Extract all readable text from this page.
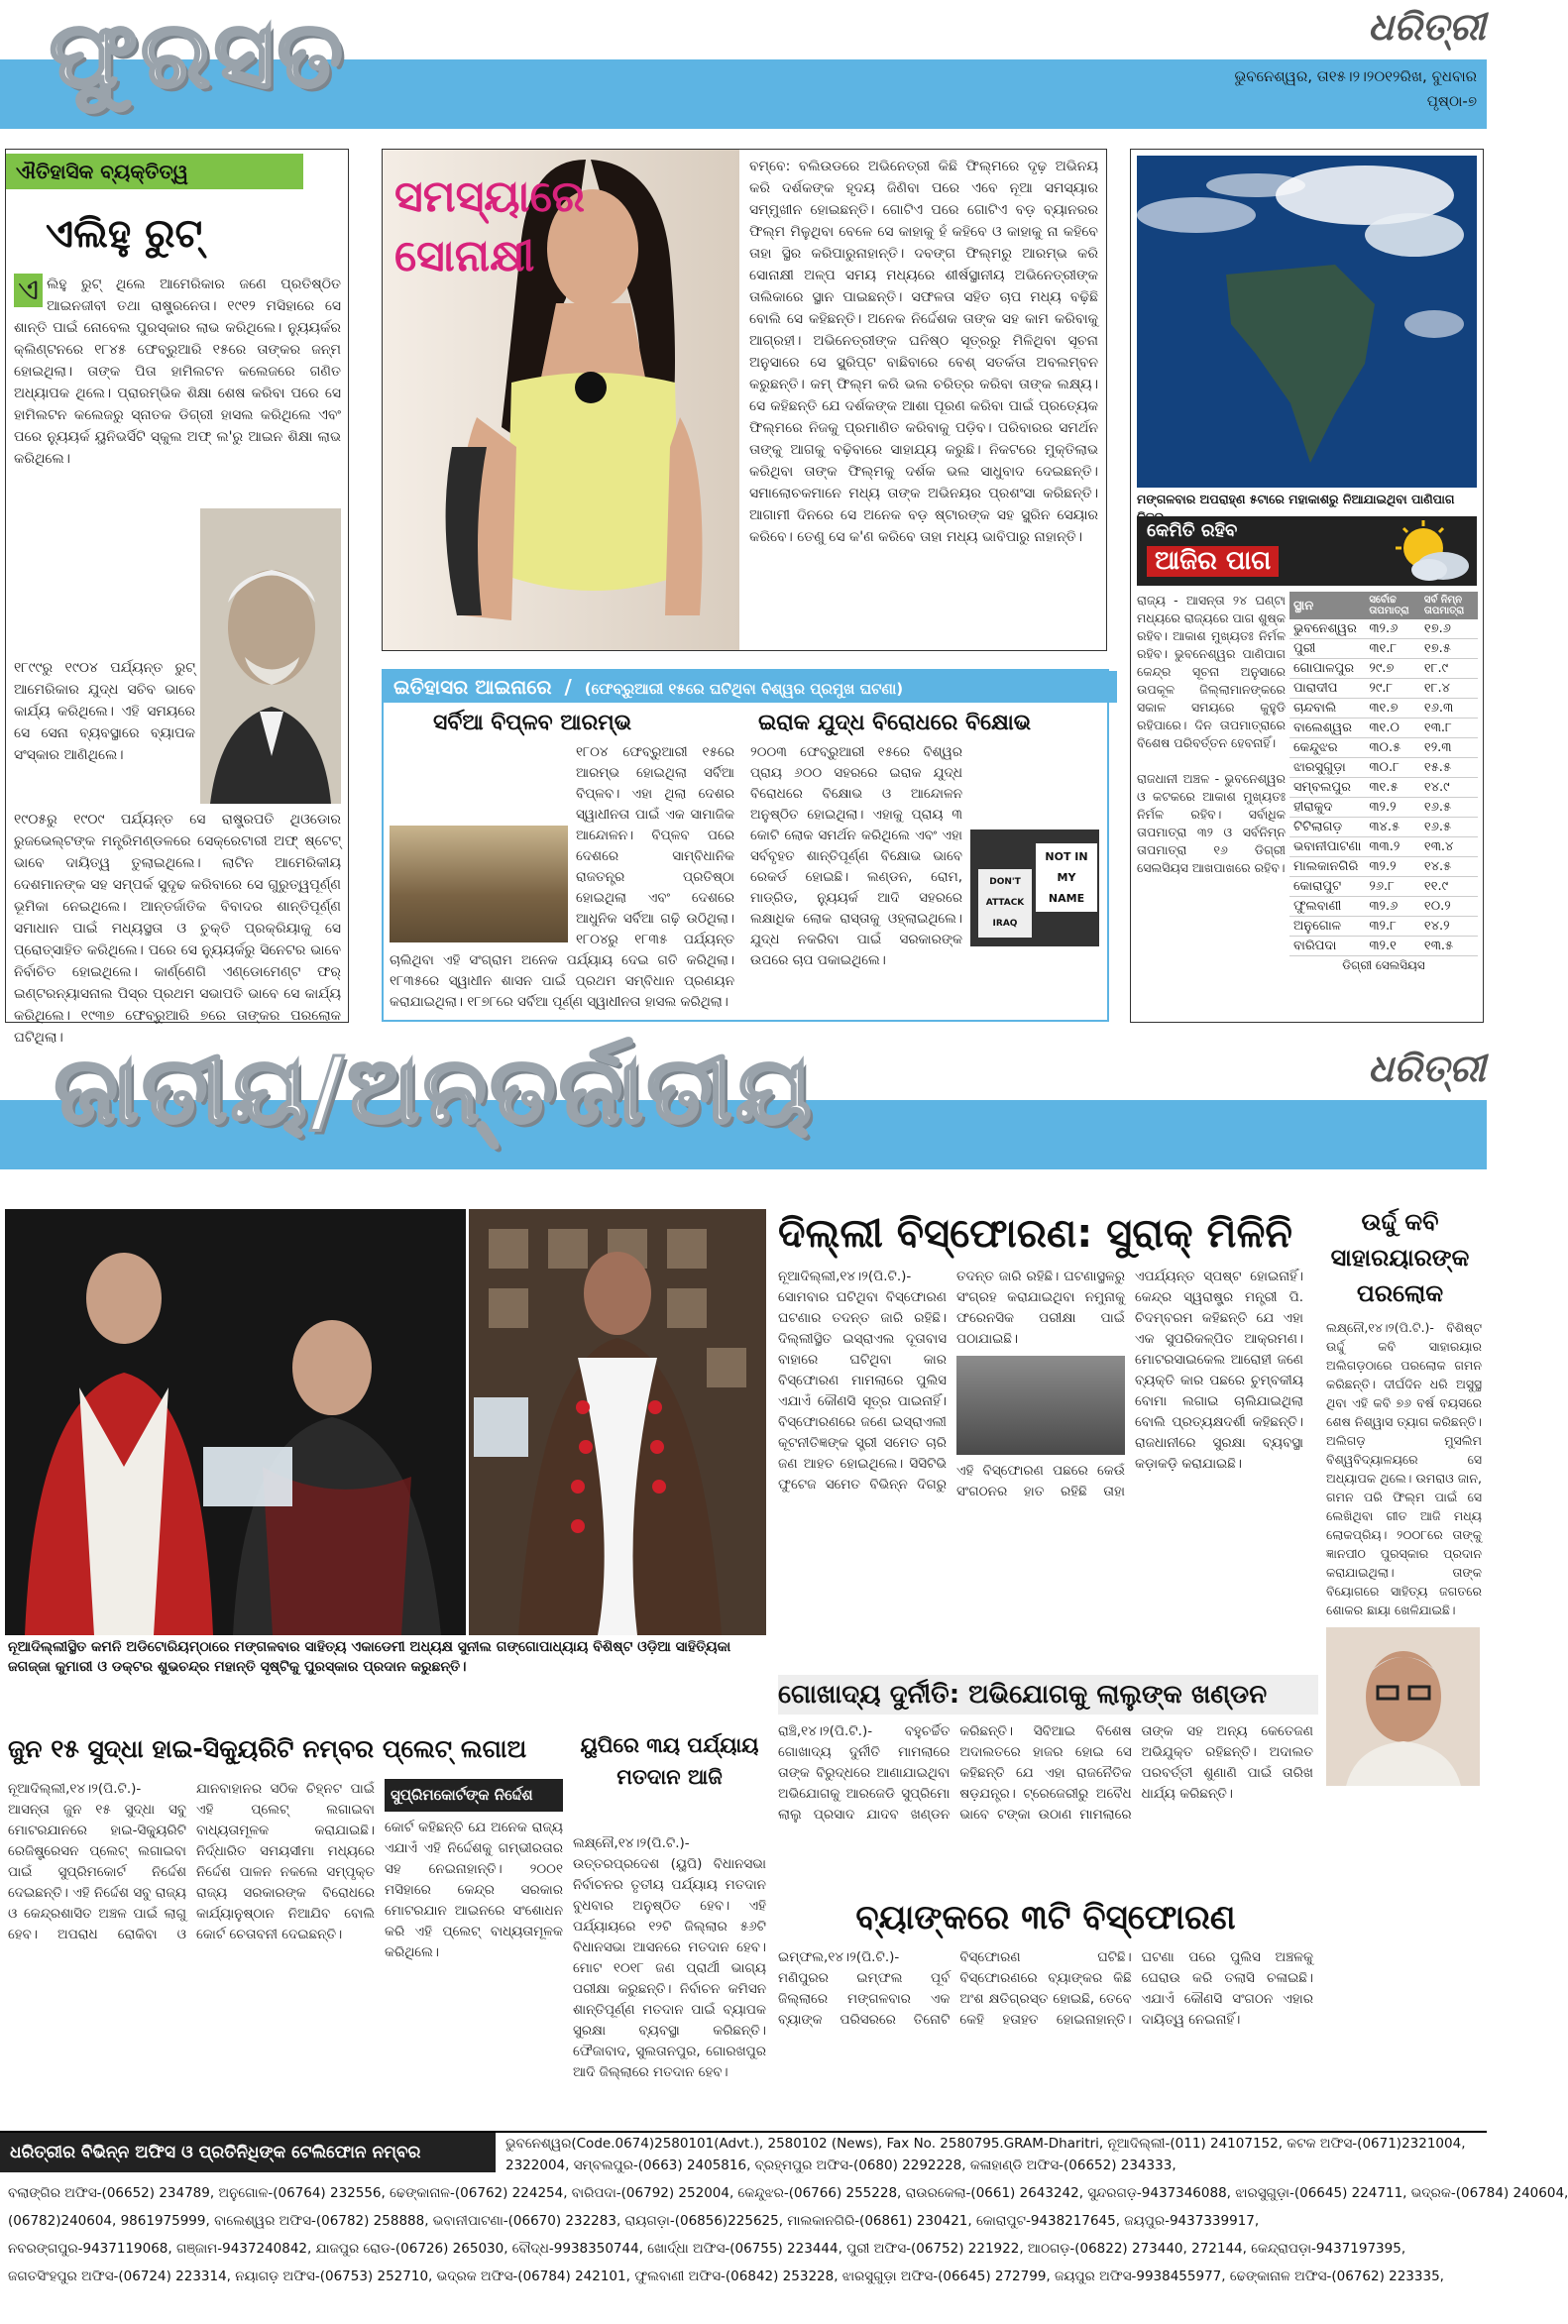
ଫୁରସତ	ଧରିତ୍ରୀ
ଭୁବନେଶ୍ୱର, ତା୧୫।୨।୨୦୧୨ରିଖ, ବୁଧବାର
ପୃଷ୍ଠା-୭
ଐତିହାସିକ ବ୍ୟକ୍ତିତ୍ୱ
ଏଲିହୁ ରୁଟ୍
ଏ ଲିହୁ ରୁଟ୍ ଥିଲେ ଆମେରିକାର ଜଣେ ପ୍ରତିଷ୍ଠିତ ଆଇନଜୀବୀ ତଥା ରାଷ୍ଟ୍ରନେତା। ୧୯୧୨ ମସିହାରେ ସେ ଶାନ୍ତି ପାଇଁ ନୋବେଲ ପୁରସ୍କାର ଲାଭ କରିଥିଲେ। ନ୍ୟୁୟର୍କର କ୍ଲିଣ୍ଟନରେ ୧୮୪୫ ଫେବ୍ରୁଆରି ୧୫ରେ ତାଙ୍କର ଜନ୍ମ ହୋଇଥିଲା। ତାଙ୍କ ପିତା ହାମିଲଟନ କଲେଜରେ ଗଣିତ ଅଧ୍ୟାପକ ଥିଲେ। ପ୍ରାରମ୍ଭିକ ଶିକ୍ଷା ଶେଷ କରିବା ପରେ ସେ ହାମିଲଟନ କଲେଜରୁ ସ୍ନାତକ ଡିଗ୍ରୀ ହାସଲ କରିଥିଲେ ଏବଂ ପରେ ନ୍ୟୁୟର୍କ ୟୁନିଭର୍ସିଟି ସ୍କୁଲ ଅଫ୍ ଲ'ରୁ ଆଇନ ଶିକ୍ଷା ଲାଭ କରିଥିଲେ।
୧୮୯୯ରୁ ୧୯୦୪ ପର୍ଯ୍ୟନ୍ତ ରୁଟ୍ ଆମେରିକାର ଯୁଦ୍ଧ ସଚିବ ଭାବେ କାର୍ଯ୍ୟ କରିଥିଲେ। ଏହି ସମୟରେ ସେ ସେନା ବ୍ୟବସ୍ଥାରେ ବ୍ୟାପକ ସଂସ୍କାର ଆଣିଥିଲେ।
୧୯୦୫ରୁ ୧୯୦୯ ପର୍ଯ୍ୟନ୍ତ ସେ ରାଷ୍ଟ୍ରପତି ଥିଓଡୋର ରୁଜଭେଲ୍ଟଙ୍କ ମନ୍ତ୍ରିମଣ୍ଡଳରେ ସେକ୍ରେଟାରୀ ଅଫ୍ ଷ୍ଟେଟ୍ ଭାବେ ଦାୟିତ୍ୱ ତୁଲାଇଥିଲେ। ଲାଟିନ ଆମେରିକୀୟ ଦେଶମାନଙ୍କ ସହ ସମ୍ପର୍କ ସୁଦୃଢ କରିବାରେ ସେ ଗୁରୁତ୍ୱପୂର୍ଣ୍ଣ ଭୂମିକା ନେଇଥିଲେ। ଆନ୍ତର୍ଜାତିକ ବିବାଦର ଶାନ୍ତିପୂର୍ଣ୍ଣ ସମାଧାନ ପାଇଁ ମଧ୍ୟସ୍ଥତା ଓ ଚୁକ୍ତି ପ୍ରକ୍ରିୟାକୁ ସେ ପ୍ରୋତ୍ସାହିତ କରିଥିଲେ। ପରେ ସେ ନ୍ୟୁୟର୍କରୁ ସିନେଟର ଭାବେ ନିର୍ବାଚିତ ହୋଇଥିଲେ। କାର୍ଣ୍ଣେଗି ଏଣ୍ଡୋମେଣ୍ଟ ଫର୍ ଇଣ୍ଟରନ୍ୟାସନାଲ ପିସ୍‌ର ପ୍ରଥମ ସଭାପତି ଭାବେ ସେ କାର୍ଯ୍ୟ କରିଥିଲେ। ୧୯୩୭ ଫେବ୍ରୁଆରି ୭ରେ ତାଙ୍କର ପରଲୋକ ଘଟିଥିଲା।
ସମସ୍ୟାରେ
ସୋନାକ୍ଷୀ
ବମ୍ବେ: ବଲିଉଡରେ ଅଭିନେତ୍ରୀ କିଛି ଫିଲ୍ମରେ ଦୃଢ଼ ଅଭିନୟ କରି ଦର୍ଶକଙ୍କ ହୃଦୟ ଜିଣିବା ପରେ ଏବେ ନୂଆ ସମସ୍ୟାର ସମ୍ମୁଖୀନ ହୋଇଛନ୍ତି। ଗୋଟିଏ ପରେ ଗୋଟିଏ ବଡ଼ ବ୍ୟାନରର ଫିଲ୍ମ ମିଳୁଥିବା ବେଳେ ସେ କାହାକୁ ହଁ କହିବେ ଓ କାହାକୁ ନା କହିବେ ତାହା ସ୍ଥିର କରିପାରୁନାହାନ୍ତି। ଦବଙ୍ଗ ଫିଲ୍ମରୁ ଆରମ୍ଭ କରି ସୋନାକ୍ଷୀ ଅଳ୍ପ ସମୟ ମଧ୍ୟରେ ଶୀର୍ଷସ୍ଥାନୀୟ ଅଭିନେତ୍ରୀଙ୍କ ତାଲିକାରେ ସ୍ଥାନ ପାଇଛନ୍ତି। ସଫଳତା ସହିତ ଚାପ ମଧ୍ୟ ବଢ଼ିଛି ବୋଲି ସେ କହିଛନ୍ତି। ଅନେକ ନିର୍ଦ୍ଦେଶକ ତାଙ୍କ ସହ କାମ କରିବାକୁ ଆଗ୍ରହୀ। ଅଭିନେତ୍ରୀଙ୍କ ଘନିଷ୍ଠ ସୂତ୍ରରୁ ମିଳିଥିବା ସୂଚନା ଅନୁସାରେ ସେ ସ୍କ୍ରିପ୍ଟ ବାଛିବାରେ ବେଶ୍ ସତର୍କତା ଅବଲମ୍ବନ କରୁଛନ୍ତି। କମ୍ ଫିଲ୍ମ କରି ଭଲ ଚରିତ୍ର କରିବା ତାଙ୍କ ଲକ୍ଷ୍ୟ। ସେ କହିଛନ୍ତି ଯେ ଦର୍ଶକଙ୍କ ଆଶା ପୂରଣ କରିବା ପାଇଁ ପ୍ରତ୍ୟେକ ଫିଲ୍ମରେ ନିଜକୁ ପ୍ରମାଣିତ କରିବାକୁ ପଡ଼ିବ। ପରିବାରର ସମର୍ଥନ ତାଙ୍କୁ ଆଗକୁ ବଢ଼ିବାରେ ସାହାଯ୍ୟ କରୁଛି। ନିକଟରେ ମୁକ୍ତିଲାଭ କରିଥିବା ତାଙ୍କ ଫିଲ୍ମକୁ ଦର୍ଶକ ଭଲ ସାଧୁବାଦ ଦେଇଛନ୍ତି। ସମାଲୋଚକମାନେ ମଧ୍ୟ ତାଙ୍କ ଅଭିନୟର ପ୍ରଶଂସା କରିଛନ୍ତି। ଆଗାମୀ ଦିନରେ ସେ ଅନେକ ବଡ଼ ଷ୍ଟାରଙ୍କ ସହ ସ୍କ୍ରିନ ସେୟାର କରିବେ। ତେଣୁ ସେ କ'ଣ କରିବେ ତାହା ମଧ୍ୟ ଭାବିପାରୁ ନାହାନ୍ତି।
ଇତିହାସର ଆଇନାରେ / (ଫେବ୍ରୁଆରୀ ୧୫ରେ ଘଟିଥିବା ବିଶ୍ୱର ପ୍ରମୁଖ ଘଟଣା)
ସର୍ବିଆ ବିପ୍ଳବ ଆରମ୍ଭ
୧୮୦୪ ଫେବ୍ରୁଆରୀ ୧୫ରେ ଆରମ୍ଭ ହୋଇଥିଲା ସର୍ବିଆ ବିପ୍ଳବ। ଏହା ଥିଲା ଦେଶର ସ୍ୱାଧୀନତା ପାଇଁ ଏକ ସାମାଜିକ ଆନ୍ଦୋଳନ। ବିପ୍ଳବ ପରେ ଦେଶରେ ସାମ୍ବିଧାନିକ ରାଜତନ୍ତ୍ର ପ୍ରତିଷ୍ଠା ହୋଇଥିଲା ଏବଂ ଦେଶରେ ଆଧୁନିକ ସର୍ବିଆ ଗଢ଼ି ଉଠିଥିଲା। ୧୮୦୪ରୁ ୧୮୩୫ ପର୍ଯ୍ୟନ୍ତ ଚାଲିଥିବା ଏହି ସଂଗ୍ରାମ ଅନେକ ପର୍ଯ୍ୟାୟ ଦେଇ ଗତି କରିଥିଲା। ୧୮୩୫ରେ ସ୍ୱାଧୀନ ଶାସନ ପାଇଁ ପ୍ରଥମ ସମ୍ବିଧାନ ପ୍ରଣୟନ କରାଯାଇଥିଲା। ୧୮୭୮ରେ ସର୍ବିଆ ପୂର୍ଣ୍ଣ ସ୍ୱାଧୀନତା ହାସଲ କରିଥିଲା।
ଇରାକ ଯୁଦ୍ଧ ବିରୋଧରେ ବିକ୍ଷୋଭ
DON'T ATTACK IRAQ
NOT IN MY NAME
୨୦୦୩ ଫେବ୍ରୁଆରୀ ୧୫ରେ ବିଶ୍ୱର ପ୍ରାୟ ୬୦୦ ସହରରେ ଇରାକ ଯୁଦ୍ଧ ବିରୋଧରେ ବିକ୍ଷୋଭ ଓ ଆନ୍ଦୋଳନ ଅନୁଷ୍ଠିତ ହୋଇଥିଲା। ଏହାକୁ ପ୍ରାୟ ୩ କୋଟି ଲୋକ ସମର୍ଥନ କରିଥିଲେ ଏବଂ ଏହା ସର୍ବବୃହତ ଶାନ୍ତିପୂର୍ଣ୍ଣ ବିକ୍ଷୋଭ ଭାବେ ରେକର୍ଡ ହୋଇଛି। ଲଣ୍ଡନ, ରୋମ, ମାଡ୍ରିଡ, ନ୍ୟୁୟର୍କ ଆଦି ସହରରେ ଲକ୍ଷାଧିକ ଲୋକ ରାସ୍ତାକୁ ଓହ୍ଲାଇଥିଲେ। ଯୁଦ୍ଧ ନକରିବା ପାଇଁ ସରକାରଙ୍କ ଉପରେ ଚାପ ପକାଇଥିଲେ।
ମଙ୍ଗଳବାର ଅପରାହ୍ଣ ୫ଟାରେ ମହାକାଶରୁ ନିଆଯାଇଥିବା ପାଣିପାଗ
କେମିତି ରହିବ
ଆଜିର ପାଗ
ରାଜ୍ୟ - ଆସନ୍ତା ୨୪ ଘଣ୍ଟା ମଧ୍ୟରେ ରାଜ୍ୟରେ ପାଗ ଶୁଷ୍କ ରହିବ। ଆକାଶ ମୁଖ୍ୟତଃ ନିର୍ମଳ ରହିବ। ଭୁବନେଶ୍ୱର ପାଣିପାଗ କେନ୍ଦ୍ର ସୂଚନା ଅନୁସାରେ ଉପକୂଳ ଜିଲ୍ଲାମାନଙ୍କରେ ସକାଳ ସମୟରେ କୁହୁଡି ରହିପାରେ। ଦିନ ତାପମାତ୍ରାରେ ବିଶେଷ ପରିବର୍ତ୍ତନ ହେବନାହିଁ।

ରାଜଧାନୀ ଅଞ୍ଚଳ - ଭୁବନେଶ୍ୱର ଓ କଟକରେ ଆକାଶ ମୁଖ୍ୟତଃ ନିର୍ମଳ ରହିବ। ସର୍ବାଧିକ ତାପମାତ୍ରା ୩୨ ଓ ସର୍ବନିମ୍ନ ତାପମାତ୍ରା ୧୬ ଡିଗ୍ରୀ ସେଲସିୟସ ଆଖପାଖରେ ରହିବ।
ସ୍ଥାନ	ସର୍ବୋଚ୍ଚ ତାପମାତ୍ରା	ସର୍ବ ନିମ୍ନ ତାପମାତ୍ରା
ଭୁବନେଶ୍ୱର	୩୨.୬	୧୭.୬
ପୁରୀ	୩୧.୮	୧୭.୫
ଗୋପାଳପୁର	୨୯.୭	୧୮.୯
ପାରାଦୀପ	୨୯.୮	୧୮.୪
ଚାନ୍ଦବାଲି	୩୧.୭	୧୬.୩
ବାଲେଶ୍ୱର	୩୧.୦	୧୩.୮
କେନ୍ଦୁଝର	୩୦.୫	୧୨.୩
ଝାରସୁଗୁଡ଼ା	୩୦.୮	୧୫.୫
ସମ୍ବଲପୁର	୩୧.୫	୧୪.୯
ହୀରାକୁଦ	୩୨.୨	୧୬.୫
ଟିଟିଲାଗଡ଼	୩୪.୫	୧୬.୫
ଭବାନୀପାଟଣା	୩୩.୨	୧୩.୪
ମାଲକାନଗିରି	୩୨.୨	୧୪.୫
କୋରାପୁଟ	୨୬.୮	୧୧.୯
ଫୁଲବାଣୀ	୩୨.୬	୧୦.୨
ଅନୁଗୋଳ	୩୨.୮	୧୪.୨
ବାରିପଦା	୩୨.୧	୧୩.୫
ଡିଗ୍ରୀ ସେଲସିୟସ
ଜାତୀୟ/ଅନ୍ତର୍ଜାତୀୟ	ଧରିତ୍ରୀ
ନୂଆଦିଲ୍ଲୀସ୍ଥିତ କମନି ଅଡିଟୋରିୟମ୍‌ଠାରେ ମଙ୍ଗଳବାର ସାହିତ୍ୟ ଏକାଡେମୀ ଅଧ୍ୟକ୍ଷ ସୁନୀଲ ଗଙ୍ଗୋପାଧ୍ୟାୟ ବିଶିଷ୍ଟ ଓଡ଼ିଆ ସାହିତ୍ୟିକା ଜଗଜ୍ଜା କୁମାରୀ ଓ ଡକ୍ଟର ଶୁଭଚନ୍ଦ୍ର ମହାନ୍ତି ସୃଷ୍ଟିକୁ ପୁରସ୍କାର ପ୍ରଦାନ କରୁଛନ୍ତି।
ଦିଲ୍ଲୀ ବିସ୍ଫୋରଣ: ସୁରାକ୍ ମିଳିନି
ନୂଆଦିଲ୍ଲୀ,୧୪।୨(ପି.ଟି.)- ସୋମବାର ଘଟିଥିବା ବିସ୍ଫୋରଣ ଘଟଣାର ତଦନ୍ତ ଜାରି ରହିଛି। ଦିଲ୍ଲୀସ୍ଥିତ ଇସ୍ରାଏଲ ଦୂତାବାସ ବାହାରେ ଘଟିଥିବା କାର ବିସ୍ଫୋରଣ ମାମଲାରେ ପୁଲିସ ଏଯାଏଁ କୌଣସି ସୂତ୍ର ପାଇନାହିଁ। ବିସ୍ଫୋରଣରେ ଜଣେ ଇସ୍ରାଏଲୀ କୂଟନୀତିଜ୍ଞଙ୍କ ସ୍ତ୍ରୀ ସମେତ ଚାରି ଜଣ ଆହତ ହୋଇଥିଲେ। ସିସିଟିଭି ଫୁଟେଜ ସମେତ ବିଭିନ୍ନ ଦିଗରୁ ତଦନ୍ତ ଜାରି ରହିଛି। ଘଟଣାସ୍ଥଳରୁ ସଂଗ୍ରହ କରାଯାଇଥିବା ନମୁନାକୁ ଫରେନସିକ ପରୀକ୍ଷା ପାଇଁ ପଠାଯାଇଛି।
ଏହି ବିସ୍ଫୋରଣ ପଛରେ କେଉଁ ସଂଗଠନର ହାତ ରହିଛି ତାହା ଏପର୍ଯ୍ୟନ୍ତ ସ୍ପଷ୍ଟ ହୋଇନାହିଁ। କେନ୍ଦ୍ର ସ୍ୱରାଷ୍ଟ୍ର ମନ୍ତ୍ରୀ ପି. ଚିଦମ୍ବରମ କହିଛନ୍ତି ଯେ ଏହା ଏକ ସୁପରିକଳ୍ପିତ ଆକ୍ରମଣ। ମୋଟରସାଇକେଲ ଆରୋହୀ ଜଣେ ବ୍ୟକ୍ତି କାର ପଛରେ ଚୁମ୍ବକୀୟ ବୋମା ଲଗାଇ ଚାଲିଯାଇଥିଲା ବୋଲି ପ୍ରତ୍ୟକ୍ଷଦର୍ଶୀ କହିଛନ୍ତି। ରାଜଧାନୀରେ ସୁରକ୍ଷା ବ୍ୟବସ୍ଥା କଡ଼ାକଡ଼ି କରାଯାଇଛି।
ଉର୍ଦ୍ଦୁ କବି ସାହାରୟାରଙ୍କ ପରଲୋକ
ଲକ୍ଷ୍ନୌ,୧୪।୨(ପି.ଟି.)- ବିଶିଷ୍ଟ ଉର୍ଦ୍ଦୁ କବି ସାହାରୟାର ଅଲିଗଡ଼ଠାରେ ପରଲୋକ ଗମନ କରିଛନ୍ତି। ଦୀର୍ଘଦିନ ଧରି ଅସୁସ୍ଥ ଥିବା ଏହି କବି ୭୬ ବର୍ଷ ବୟସରେ ଶେଷ ନିଶ୍ୱାସ ତ୍ୟାଗ କରିଛନ୍ତି। ଅଲିଗଡ଼ ମୁସଲିମ ବିଶ୍ୱବିଦ୍ୟାଳୟରେ ସେ ଅଧ୍ୟାପକ ଥିଲେ। ଉମରାଓ ଜାନ, ଗମନ ପରି ଫିଲ୍ମ ପାଇଁ ସେ ଲେଖିଥିବା ଗୀତ ଆଜି ମଧ୍ୟ ଲୋକପ୍ରିୟ। ୨୦୦୮ରେ ତାଙ୍କୁ ଜ୍ଞାନପୀଠ ପୁରସ୍କାର ପ୍ରଦାନ କରାଯାଇଥିଲା। ତାଙ୍କ ବିୟୋଗରେ ସାହିତ୍ୟ ଜଗତରେ ଶୋକର ଛାୟା ଖେଳିଯାଇଛି।
ଗୋଖାଦ୍ୟ ଦୁର୍ନୀତି: ଅଭିଯୋଗକୁ ଲାଲୁଙ୍କ ଖଣ୍ଡନ
ରାଞ୍ଚି,୧୪।୨(ପି.ଟି.)- ବହୁଚର୍ଚ୍ଚିତ ଗୋଖାଦ୍ୟ ଦୁର୍ନୀତି ମାମଲାରେ ତାଙ୍କ ବିରୁଦ୍ଧରେ ଆଣାଯାଇଥିବା ଅଭିଯୋଗକୁ ଆରଜେଡି ସୁପ୍ରିମୋ ଲାଲୁ ପ୍ରସାଦ ଯାଦବ ଖଣ୍ଡନ କରିଛନ୍ତି। ସିବିଆଇ ବିଶେଷ ଅଦାଲତରେ ହାଜର ହୋଇ ସେ କହିଛନ୍ତି ଯେ ଏହା ରାଜନୈତିକ ଷଡ଼ଯନ୍ତ୍ର। ଟ୍ରେଜେରୀରୁ ଅବୈଧ ଭାବେ ଟଙ୍କା ଉଠାଣ ମାମଲାରେ ତାଙ୍କ ସହ ଅନ୍ୟ କେତେଜଣ ଅଭିଯୁକ୍ତ ରହିଛନ୍ତି। ଅଦାଲତ ପରବର୍ତ୍ତୀ ଶୁଣାଣି ପାଇଁ ତାରିଖ ଧାର୍ଯ୍ୟ କରିଛନ୍ତି।
ବ୍ୟାଙ୍କରେ ୩ଟି ବିସ୍ଫୋରଣ
ଇମ୍ଫଲ,୧୪।୨(ପି.ଟି.)- ମଣିପୁରର ଇମ୍ଫଲ ପୂର୍ବ ଜିଲ୍ଲାରେ ମଙ୍ଗଳବାର ଏକ ବ୍ୟାଙ୍କ ପରିସରରେ ତିନୋଟି ବିସ୍ଫୋରଣ ଘଟିଛି। ବିସ୍ଫୋରଣରେ ବ୍ୟାଙ୍କର କିଛି ଅଂଶ କ୍ଷତିଗ୍ରସ୍ତ ହୋଇଛି, ତେବେ କେହି ହତାହତ ହୋଇନାହାନ୍ତି। ଘଟଣା ପରେ ପୁଲିସ ଅଞ୍ଚଳକୁ ଘେରାଉ କରି ତଲାସି ଚଳାଇଛି। ଏଯାଏଁ କୌଣସି ସଂଗଠନ ଏହାର ଦାୟିତ୍ୱ ନେଇନାହିଁ।
ଜୁନ ୧୫ ସୁଦ୍ଧା ହାଇ-ସିକ୍ୟୁରିଟି ନମ୍ବର ପ୍ଲେଟ୍ ଲଗାଅ
ନୂଆଦିଲ୍ଲୀ,୧୪।୨(ପି.ଟି.)- ଆସନ୍ତା ଜୁନ ୧୫ ସୁଦ୍ଧା ସବୁ ମୋଟରଯାନରେ ହାଇ-ସିକ୍ୟୁରିଟି ରେଜିଷ୍ଟ୍ରେସନ ପ୍ଲେଟ୍ ଲଗାଇବା ପାଇଁ ସୁପ୍ରିମକୋର୍ଟ ନିର୍ଦ୍ଦେଶ ଦେଇଛନ୍ତି। ଏହି ନିର୍ଦ୍ଦେଶ ସବୁ ରାଜ୍ୟ ଓ କେନ୍ଦ୍ରଶାସିତ ଅଞ୍ଚଳ ପାଇଁ ଲାଗୁ ହେବ। ଅପରାଧ ରୋକିବା ଓ ଯାନବାହାନର ସଠିକ ଚିହ୍ନଟ ପାଇଁ ଏହି ପ୍ଲେଟ୍ ଲଗାଇବା ବାଧ୍ୟତାମୂଳକ କରାଯାଇଛି। ନିର୍ଦ୍ଧାରିତ ସମୟସୀମା ମଧ୍ୟରେ ନିର୍ଦ୍ଦେଶ ପାଳନ ନକଲେ ସମ୍ପୃକ୍ତ ରାଜ୍ୟ ସରକାରଙ୍କ ବିରୋଧରେ କାର୍ଯ୍ୟାନୁଷ୍ଠାନ ନିଆଯିବ ବୋଲି କୋର୍ଟ ଚେତାବନୀ ଦେଇଛନ୍ତି।
ସୁପ୍ରିମକୋର୍ଟଙ୍କ ନିର୍ଦ୍ଦେଶ
କୋର୍ଟ କହିଛନ୍ତି ଯେ ଅନେକ ରାଜ୍ୟ ଏଯାଏଁ ଏହି ନିର୍ଦ୍ଦେଶକୁ ଗମ୍ଭୀରତାର ସହ ନେଇନାହାନ୍ତି। ୨୦୦୧ ମସିହାରେ କେନ୍ଦ୍ର ସରକାର ମୋଟରଯାନ ଆଇନରେ ସଂଶୋଧନ କରି ଏହି ପ୍ଲେଟ୍ ବାଧ୍ୟତାମୂଳକ କରିଥିଲେ।
ୟୁପିରେ ୩ୟ ପର୍ଯ୍ୟାୟ ମତଦାନ ଆଜି
ଲକ୍ଷ୍ନୌ,୧୪।୨(ପି.ଟି.)- ଉତ୍ତରପ୍ରଦେଶ (ୟୁପି) ବିଧାନସଭା ନିର୍ବାଚନର ତୃତୀୟ ପର୍ଯ୍ୟାୟ ମତଦାନ ବୁଧବାର ଅନୁଷ୍ଠିତ ହେବ। ଏହି ପର୍ଯ୍ୟାୟରେ ୧୨ଟି ଜିଲ୍ଲାର ୫୬ଟି ବିଧାନସଭା ଆସନରେ ମତଦାନ ହେବ। ମୋଟ ୧୦୧୮ ଜଣ ପ୍ରାର୍ଥୀ ଭାଗ୍ୟ ପରୀକ୍ଷା କରୁଛନ୍ତି। ନିର୍ବାଚନ କମିସନ ଶାନ୍ତିପୂର୍ଣ୍ଣ ମତଦାନ ପାଇଁ ବ୍ୟାପକ ସୁରକ୍ଷା ବ୍ୟବସ୍ଥା କରିଛନ୍ତି। ଫୈଜାବାଦ, ସୁଲତାନପୁର, ଗୋରଖପୁର ଆଦି ଜିଲ୍ଲାରେ ମତଦାନ ହେବ।
ଧରିତ୍ରୀର ବିଭିନ୍ନ ଅଫିସ ଓ ପ୍ରତିନିଧିଙ୍କ ଟେଲିଫୋନ ନମ୍ବର	ଭୁବନେଶ୍ୱର(Code.0674)2580101(Advt.), 2580102 (News), Fax No. 2580795.GRAM-Dharitri, ନୂଆଦିଲ୍ଲୀ-(011) 24107152, କଟକ ଅଫିସ-(0671)2321004,
2322004, ସମ୍ବଲପୁର-(0663) 2405816, ବ୍ରହ୍ମପୁର ଅଫିସ-(0680) 2292228, କଳାହାଣ୍ଡି ଅଫିସ-(06652) 234333,
ବଲାଙ୍ଗିର ଅଫିସ-(06652) 234789, ଅନୁଗୋଳ-(06764) 232556, ଢେଙ୍କାନାଳ-(06762) 224254, ବାରିପଦା-(06792) 252004, କେନ୍ଦୁଝର-(06766) 255228, ରାଉରକେଲା-(0661) 2643242, ସୁନ୍ଦରଗଡ଼-9437346088, ଝାରସୁଗୁଡ଼ା-(06645) 224711, ଭଦ୍ରକ-(06784) 240604,
(06782)240604, 9861975999, ବାଲେଶ୍ୱର ଅଫିସ-(06782) 258888, ଭବାନୀପାଟଣା-(06670) 232283, ରାୟଗଡ଼ା-(06856)225625, ମାଲକାନଗିରି-(06861) 230421, କୋରାପୁଟ-9438217645, ଜୟପୁର-9437339917,
ନବରଙ୍ଗପୁର-9437119068, ଗଞ୍ଜାମ-9437240842, ଯାଜପୁର ରୋଡ-(06726) 265030, ବୌଦ୍ଧ-9938350744, ଖୋର୍ଦ୍ଧା ଅଫିସ-(06755) 223444, ପୁରୀ ଅଫିସ-(06752) 221922, ଆଠଗଡ଼-(06822) 273440, 272144, କେନ୍ଦ୍ରାପଡ଼ା-9437197395,
ଜଗତସିଂହପୁର ଅଫିସ-(06724) 223314, ନୟାଗଡ଼ ଅଫିସ-(06753) 252710, ଭଦ୍ରକ ଅଫିସ-(06784) 242101, ଫୁଲବାଣୀ ଅଫିସ-(06842) 253228, ଝାରସୁଗୁଡ଼ା ଅଫିସ-(06645) 272799, ଜୟପୁର ଅଫିସ-9938455977, ଢେଙ୍କାନାଳ ଅଫିସ-(06762) 223335,
